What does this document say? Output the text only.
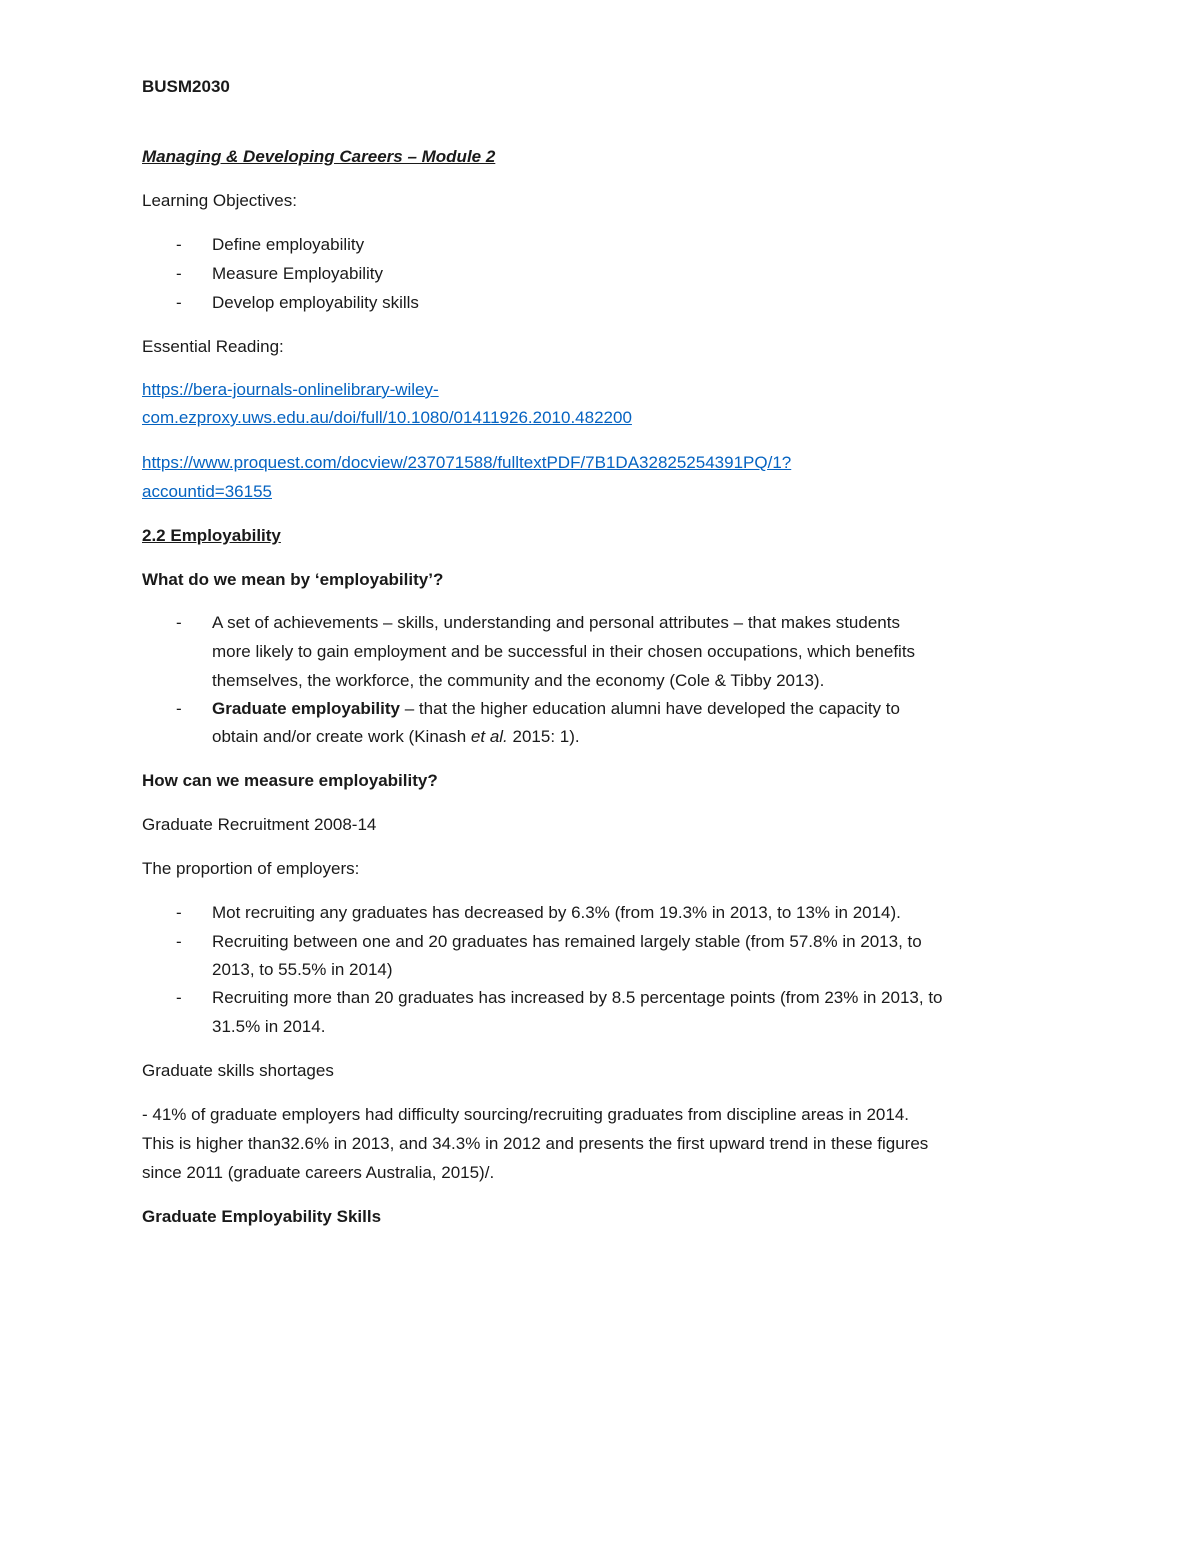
BUSM2030
Managing & Developing Careers – Module 2
Learning Objectives:
- Define employability
- Measure Employability
- Develop employability skills
Essential Reading:
https://bera-journals-onlinelibrary-wiley-
com.ezproxy.uws.edu.au/doi/full/10.1080/01411926.2010.482200
https://www.proquest.com/docview/237071588/fulltextPDF/7B1DA32825254391PQ/1?
accountid=36155
2.2 Employability
What do we mean by ‘employability’?
- A set of achievements – skills, understanding and personal attributes – that makes students
more likely to gain employment and be successful in their chosen occupations, which benefits
themselves, the workforce, the community and the economy (Cole & Tibby 2013).
- Graduate employability – that the higher education alumni have developed the capacity to
obtain and/or create work (Kinash et al. 2015: 1).
How can we measure employability?
Graduate Recruitment 2008-14
The proportion of employers:
- Mot recruiting any graduates has decreased by 6.3% (from 19.3% in 2013, to 13% in 2014).
- Recruiting between one and 20 graduates has remained largely stable (from 57.8% in 2013, to
2013, to 55.5% in 2014)
- Recruiting more than 20 graduates has increased by 8.5 percentage points (from 23% in 2013, to
31.5% in 2014.
Graduate skills shortages
- 41% of graduate employers had difficulty sourcing/recruiting graduates from discipline areas in 2014.
This is higher than32.6% in 2013, and 34.3% in 2012 and presents the first upward trend in these figures
since 2011 (graduate careers Australia, 2015)/.
Graduate Employability Skills
